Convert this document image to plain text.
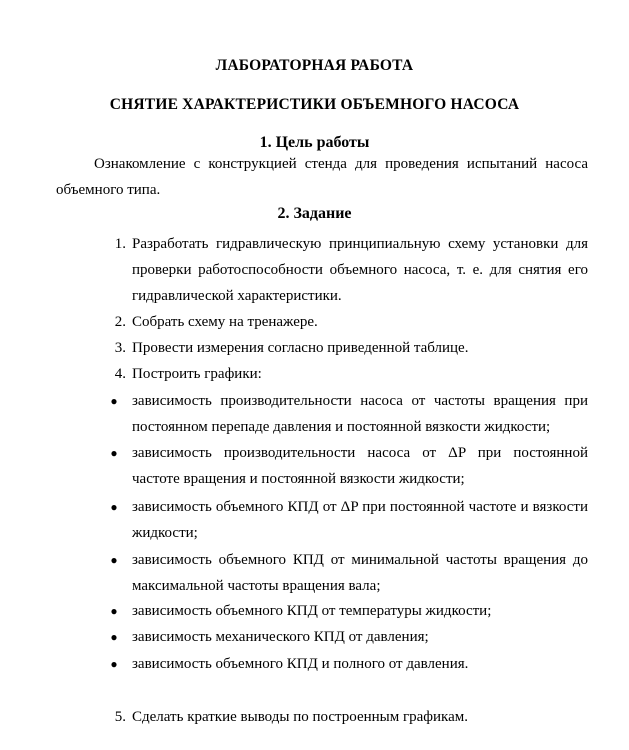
ЛАБОРАТОРНАЯ РАБОТА
СНЯТИЕ ХАРАКТЕРИСТИКИ ОБЪЕМНОГО НАСОСА
1. Цель работы
Ознакомление с конструкцией стенда для проведения испытаний насоса объемного типа.
2. Задание
1. Разработать гидравлическую принципиальную схему установки для проверки работоспособности объемного насоса, т. е. для снятия его гидравлической характеристики.
2. Собрать схему на тренажере.
3. Провести измерения согласно приведенной таблице.
4. Построить графики:
● зависимость производительности насоса от частоты вращения при постоянном перепаде давления и постоянной вязкости жидкости;
● зависимость производительности насоса от ΔP при постоянной частоте вращения и постоянной вязкости жидкости;
● зависимость объемного КПД от ΔP при постоянной частоте и вязкости жидкости;
● зависимость объемного КПД от минимальной частоты вращения до максимальной частоты вращения вала;
● зависимость объемного КПД от температуры жидкости;
● зависимость механического КПД от давления;
● зависимость объемного КПД и полного от давления.
5. Сделать краткие выводы по построенным графикам.
